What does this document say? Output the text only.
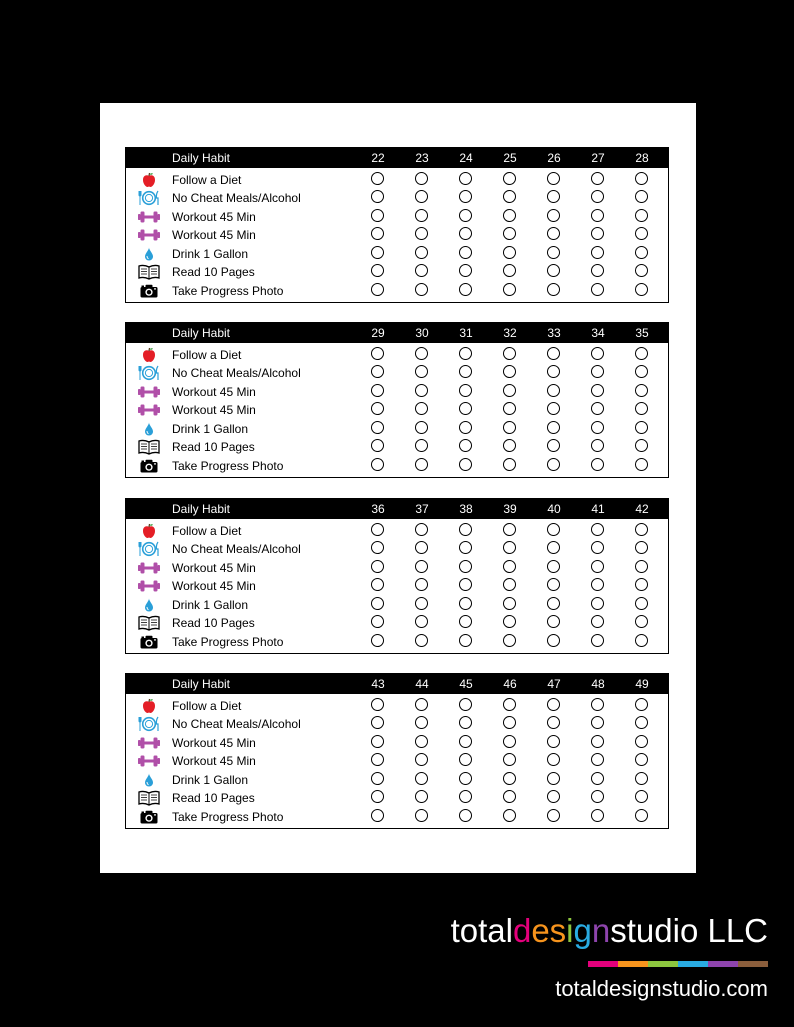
Daily Habit	22	23	24	25	26	27	28
Follow a Diet
No Cheat Meals/Alcohol
Workout 45 Min
Workout 45 Min
Drink 1 Gallon
Read 10 Pages
Take Progress Photo
Daily Habit	29	30	31	32	33	34	35
Follow a Diet
No Cheat Meals/Alcohol
Workout 45 Min
Workout 45 Min
Drink 1 Gallon
Read 10 Pages
Take Progress Photo
Daily Habit	36	37	38	39	40	41	42
Follow a Diet
No Cheat Meals/Alcohol
Workout 45 Min
Workout 45 Min
Drink 1 Gallon
Read 10 Pages
Take Progress Photo
Daily Habit	43	44	45	46	47	48	49
Follow a Diet
No Cheat Meals/Alcohol
Workout 45 Min
Workout 45 Min
Drink 1 Gallon
Read 10 Pages
Take Progress Photo
totaldesignstudio LLC
totaldesignstudio.com
